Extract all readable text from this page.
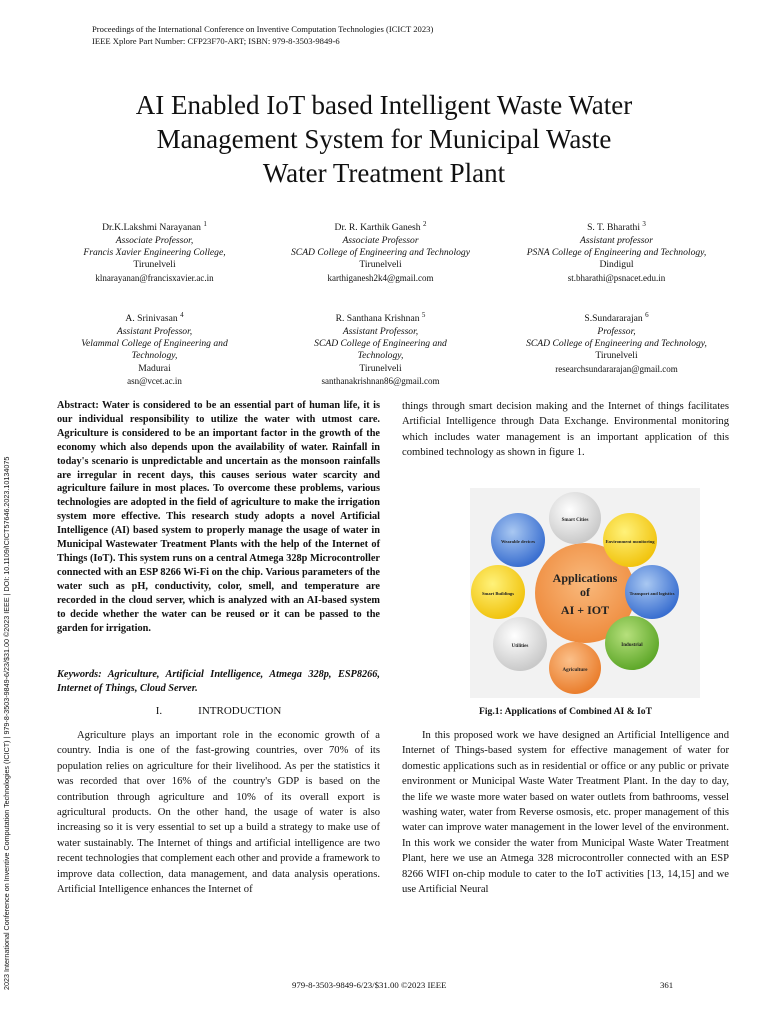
Proceedings of the International Conference on Inventive Computation Technologies (ICICT 2023)
IEEE Xplore Part Number: CFP23F70-ART; ISBN: 979-8-3503-9849-6
2023 International Conference on Inventive Computation Technologies (ICICT) | 979-8-3503-9849-6/23/$31.00 ©2023 IEEE | DOI: 10.1109/ICICT57646.2023.10134075
AI Enabled IoT based Intelligent Waste Water
Management System for Municipal Waste
Water Treatment Plant
Dr.K.Lakshmi Narayanan $^1$
Associate Professor,
Francis Xavier Engineering College,
Tirunelveli
klnarayanan@francisxavier.ac.in
Dr. R. Karthik Ganesh $^2$
Associate Professor
SCAD College of Engineering and Technology
Tirunelveli
karthiganesh2k4@gmail.com
S. T. Bharathi $^3$
Assistant professor
PSNA College of Engineering and Technology,
Dindigul
st.bharathi@psnacet.edu.in
A. Srinivasan $^4$
Assistant Professor,
Velammal College of Engineering and
Technology,
Madurai
asn@vcet.ac.in
R. Santhana Krishnan $^5$
Assistant Professor,
SCAD College of Engineering and
Technology,
Tirunelveli
santhanakrishnan86@gmail.com
S.Sundararajan $^6$
Professor,
SCAD College of Engineering and Technology,
Tirunelveli
researchsundararajan@gmail.com
Abstract: Water is considered to be an essential part of human life, it is our individual responsibility to utilize the water with utmost care. Agriculture is considered to be an important factor in the growth of the economy which also depends upon the availability of water. Rainfall in today's scenario is unpredictable and uncertain as the monsoon rainfalls are irregular in recent days, this causes serious water scarcity and agriculture failure in most places. To overcome these problems, various technologies are adopted in the field of agriculture to make the irrigation system more effective. This research study adopts a novel Artificial Intelligence (AI) based system to properly manage the usage of water in Municipal Wastewater Treatment Plants with the help of the Internet of Things (IoT). This system runs on a central Atmega 328p Microcontroller connected with an ESP 8266 Wi-Fi on the chip. Various parameters of the water such as pH, conductivity, color, smell, and temperature are recorded in the cloud server, which is analyzed with an AI-based system to decide whether the water can be reused or it can be passed to the garden for irrigation.
Keywords: Agriculture, Artificial Intelligence, Atmega 328p, ESP8266, Internet of Things, Cloud Server.
I.	INTRODUCTION

Agriculture plays an important role in the economic growth of a country. India is one of the fast-growing countries, over 70% of its population relies on agriculture for their livelihood. As per the statistics it was recorded that over 16% of the country's GDP is based on the contribution through agriculture and 10% of its overall export is agricultural products. On the other hand, the usage of water is also increasing so it is very essential to set up a build a strategy to make use of water sustainably. The Internet of things and artificial intelligence are two recent technologies that complement each other and provide a framework to improve data collection, data management, and data analysis operations. Artificial Intelligence enhances the Internet of

things through smart decision making and the Internet of things facilitates Artificial Intelligence through Data Exchange. Environmental monitoring which includes water management is an important application of this combined technology as shown in figure 1.

Applications
of
AI + IOT
Smart Cities
Environment monitoring
Transport and logistics
Industrial
Agriculture
Utilities
Smart Buildings
Wearable devices
Fig.1: Applications of Combined AI & IoT

In this proposed work we have designed an Artificial Intelligence and Internet of Things-based system for effective management of water for domestic applications such as in residential or office or any public or private environment or Municipal Waste Water Treatment Plant. In the day to day, the life we waste more water based on water outlets from bathrooms, vessel washing water, water from Reverse osmosis, etc. proper management of this water can improve water management in the lower level of the environment. In this work we consider the water from Municipal Waste Water Treatment Plant, here we use an Atmega 328 microcontroller connected with an ESP 8266 WIFI on-chip module to cater to the IoT activities [13, 14,15] and we use Artificial Neural

979-8-3503-9849-6/23/$31.00 ©2023 IEEE	361
